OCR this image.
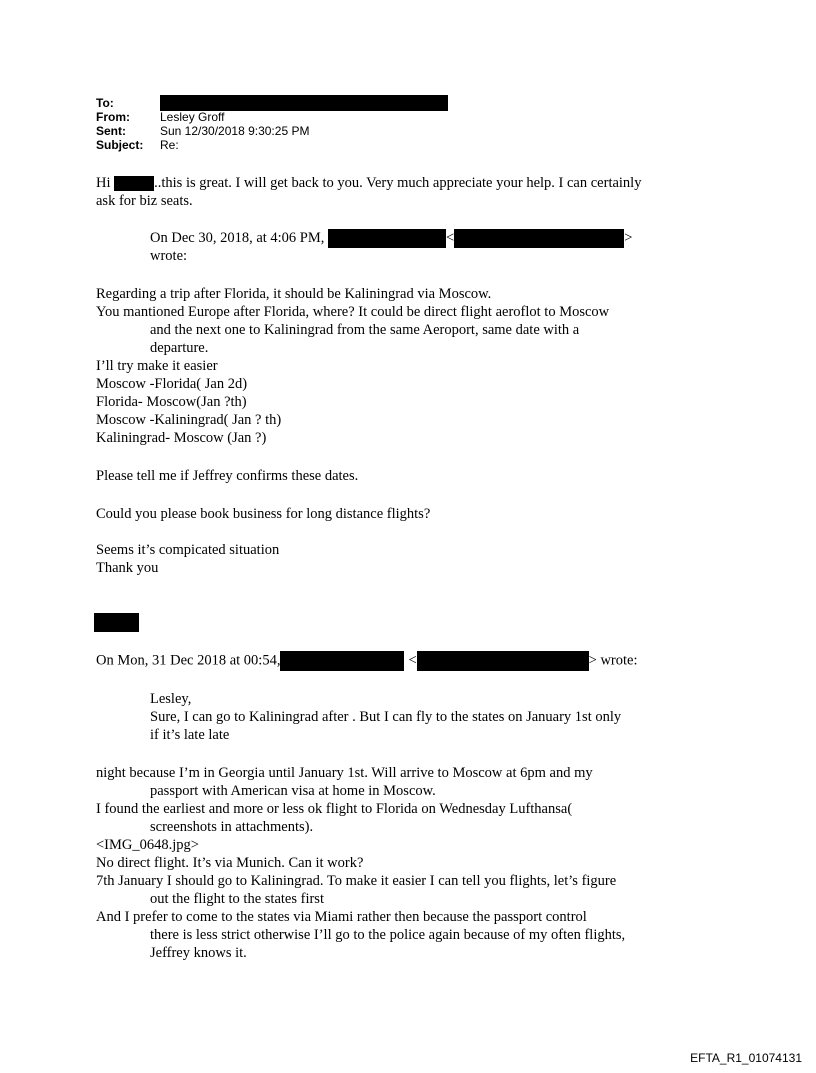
To:
From:	Lesley Groff
Sent:	Sun 12/30/2018 9:30:25 PM
Subject: Re:
Hi	..this is great. I will get back to you. Very much appreciate your help. I can certainly
ask for biz seats.
On Dec 30, 2018, at 4:06 PM,	<	>
wrote:
Regarding a trip after Florida, it should be Kaliningrad via Moscow.
You mantioned Europe after Florida, where? It could be direct flight aeroflot to Moscow
and the next one to Kaliningrad from the same Aeroport, same date with a
departure.
I’ll try make it easier
Moscow -Florida( Jan 2d)
Florida- Moscow(Jan ?th)
Moscow -Kaliningrad( Jan ? th)
Kaliningrad- Moscow (Jan ?)
Please tell me if Jeffrey confirms these dates.
Could you please book business for long distance flights?
Seems it’s compicated situation
Thank you
On Mon, 31 Dec 2018 at 00:54,	<	> wrote:
Lesley,
Sure, I can go to Kaliningrad after . But I can fly to the states on January 1st only
if it’s late late
night because I’m in Georgia until January 1st. Will arrive to Moscow at 6pm and my
passport with American visa at home in Moscow.
I found the earliest and more or less ok flight to Florida on Wednesday Lufthansa(
screenshots in attachments).
<IMG_0648.jpg>
No direct flight. It’s via Munich. Can it work?
7th January I should go to Kaliningrad. To make it easier I can tell you flights, let’s figure
out the flight to the states first
And I prefer to come to the states via Miami rather then because the passport control
there is less strict otherwise I’ll go to the police again because of my often flights,
Jeffrey knows it.
EFTA_R1_01074131
